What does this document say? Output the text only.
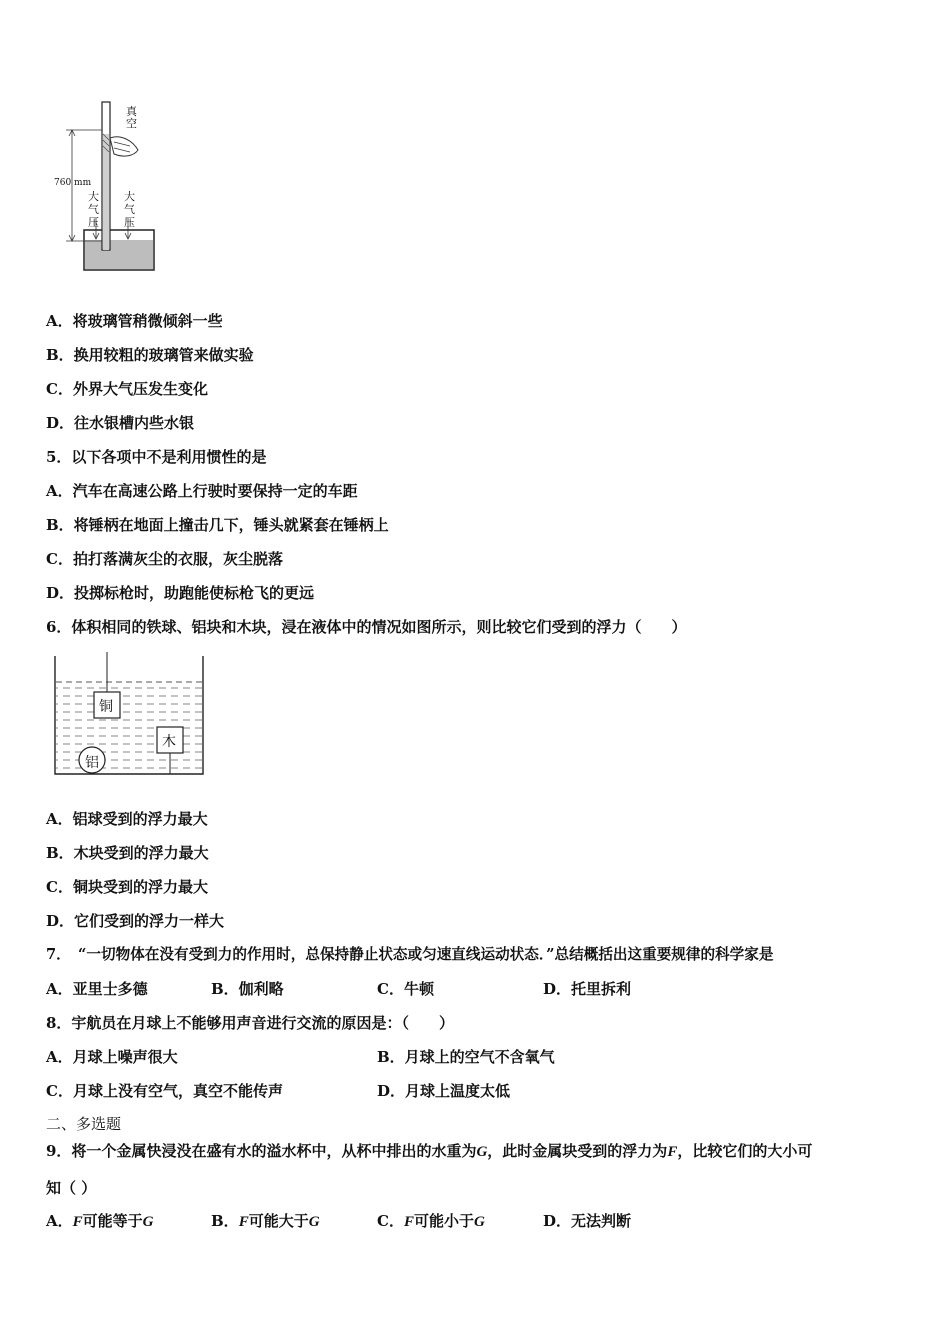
真空
760 mm
大气压
大气压
A．将玻璃管稍微倾斜一些
B．换用较粗的玻璃管来做实验
C．外界大气压发生变化
D．往水银槽内些水银
5．以下各项中不是利用惯性的是
A．汽车在高速公路上行驶时要保持一定的车距
B．将锤柄在地面上撞击几下，锤头就紧套在锤柄上
C．拍打落满灰尘的衣服，灰尘脱落
D．投掷标枪时，助跑能使标枪飞的更远
6．体积相同的铁球、铝块和木块，浸在液体中的情况如图所示，则比较它们受到的浮力（　　）
铜
木
铝
A．铝球受到的浮力最大
B．木块受到的浮力最大
C．铜块受到的浮力最大
D．它们受到的浮力一样大
7．　“一切物体在没有受到力的作用时，总保持静止状态或匀速直线运动状态．”总结概括出这重要规律的科学家是
A．亚里士多德	B．伽利略	C．牛顿	D．托里拆利
8．宇航员在月球上不能够用声音进行交流的原因是：（　　）
A．月球上噪声很大	B．月球上的空气不含氧气
C．月球上没有空气，真空不能传声	D．月球上温度太低
二、多选题
9．将一个金属快浸没在盛有水的溢水杯中，从杯中排出的水重为G，此时金属块受到的浮力为F，比较它们的大小可
知（ ）
A．F可能等于G	B．F可能大于G	C．F可能小于G	D．无法判断
